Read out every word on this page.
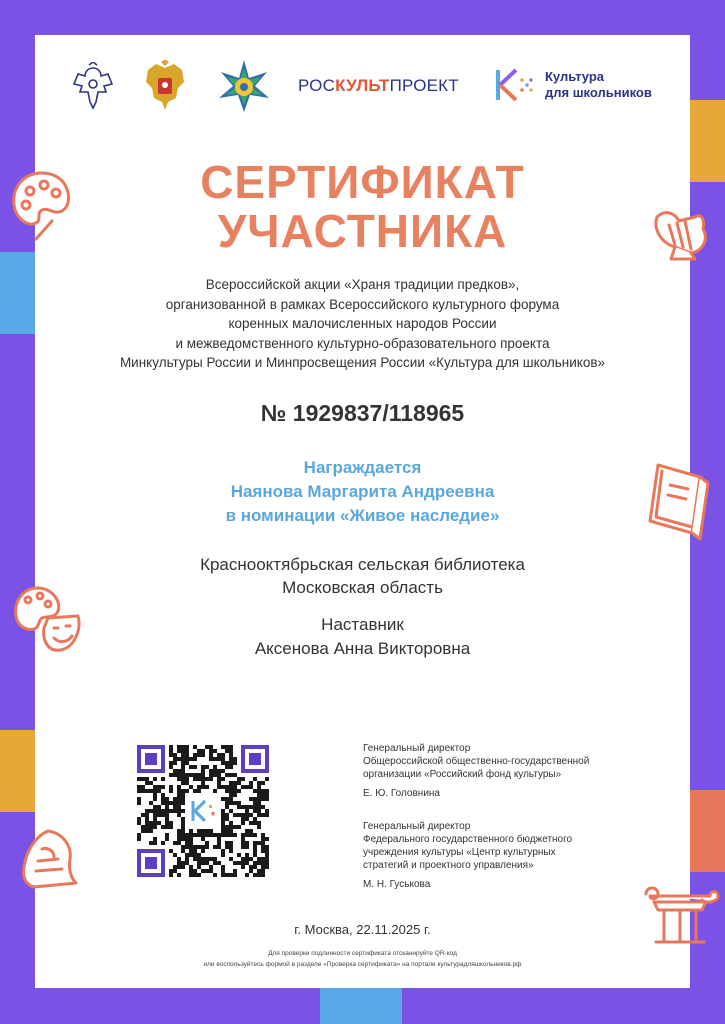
РОСКУЛЬТПРОЕКТ	Культура
для школьников
СЕРТИФИКАТ
УЧАСТНИКА
Всероссийской акции «Храня традиции предков»,
организованной в рамках Всероссийского культурного форума
коренных малочисленных народов России
и межведомственного культурно-образовательного проекта
Минкультуры России и Минпросвещения России «Культура для школьников»
№ 1929837/118965
Награждается
Наянова Маргарита Андреевна
в номинации «Живое наследие»
Краснооктябрьская сельская библиотека
Московская область
Наставник
Аксенова Анна Викторовна
Генеральный директор
Общероссийской общественно-государственной
организации «Российский фонд культуры»
Е. Ю. Головнина
Генеральный директор
Федерального государственного бюджетного
учреждения культуры «Центр культурных
стратегий и проектного управления»
М. Н. Гуськова
г. Москва, 22.11.2025 г.
Для проверки подлинности сертификата отсканируйте QR-код
или воспользуйтесь формой в разделе «Проверка сертификата» на портале культурадляшкольников.рф
